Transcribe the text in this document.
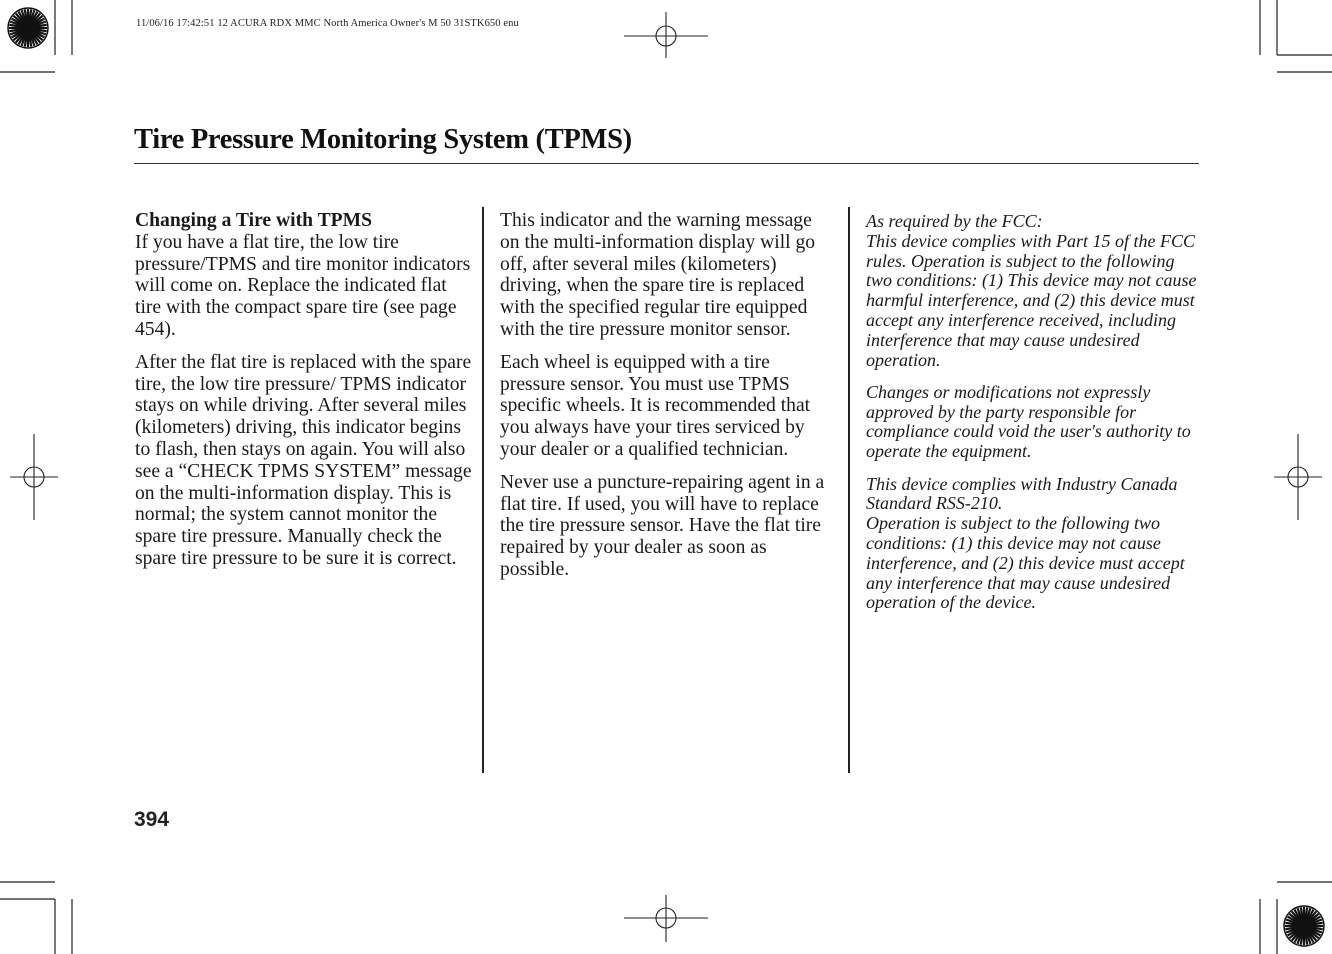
11/06/16 17:42:51 12 ACURA RDX MMC North America Owner's M 50 31STK650 enu
Tire Pressure Monitoring System (TPMS)

Changing a Tire with TPMS
If you have a flat tire, the low tire pressure/TPMS and tire monitor indicators will come on. Replace the indicated flat tire with the compact spare tire (see page 454).

After the flat tire is replaced with the spare tire, the low tire pressure/ TPMS indicator stays on while driving. After several miles (kilometers) driving, this indicator begins to flash, then stays on again. You will also see a “CHECK TPMS SYSTEM” message on the multi-information display. This is normal; the system cannot monitor the spare tire pressure. Manually check the spare tire pressure to be sure it is correct.

This indicator and the warning message on the multi-information display will go off, after several miles (kilometers) driving, when the spare tire is replaced with the specified regular tire equipped with the tire pressure monitor sensor.

Each wheel is equipped with a tire pressure sensor. You must use TPMS specific wheels. It is recommended that you always have your tires serviced by your dealer or a qualified technician.

Never use a puncture-repairing agent in a flat tire. If used, you will have to replace the tire pressure sensor. Have the flat tire repaired by your dealer as soon as possible.

As required by the FCC:
This device complies with Part 15 of the FCC rules. Operation is subject to the following two conditions: (1) This device may not cause harmful interference, and (2) this device must accept any interference received, including interference that may cause undesired operation.

Changes or modifications not expressly approved by the party responsible for compliance could void the user's authority to operate the equipment.

This device complies with Industry Canada Standard RSS-210.
Operation is subject to the following two conditions: (1) this device may not cause interference, and (2) this device must accept any interference that may cause undesired operation of the device.

394
